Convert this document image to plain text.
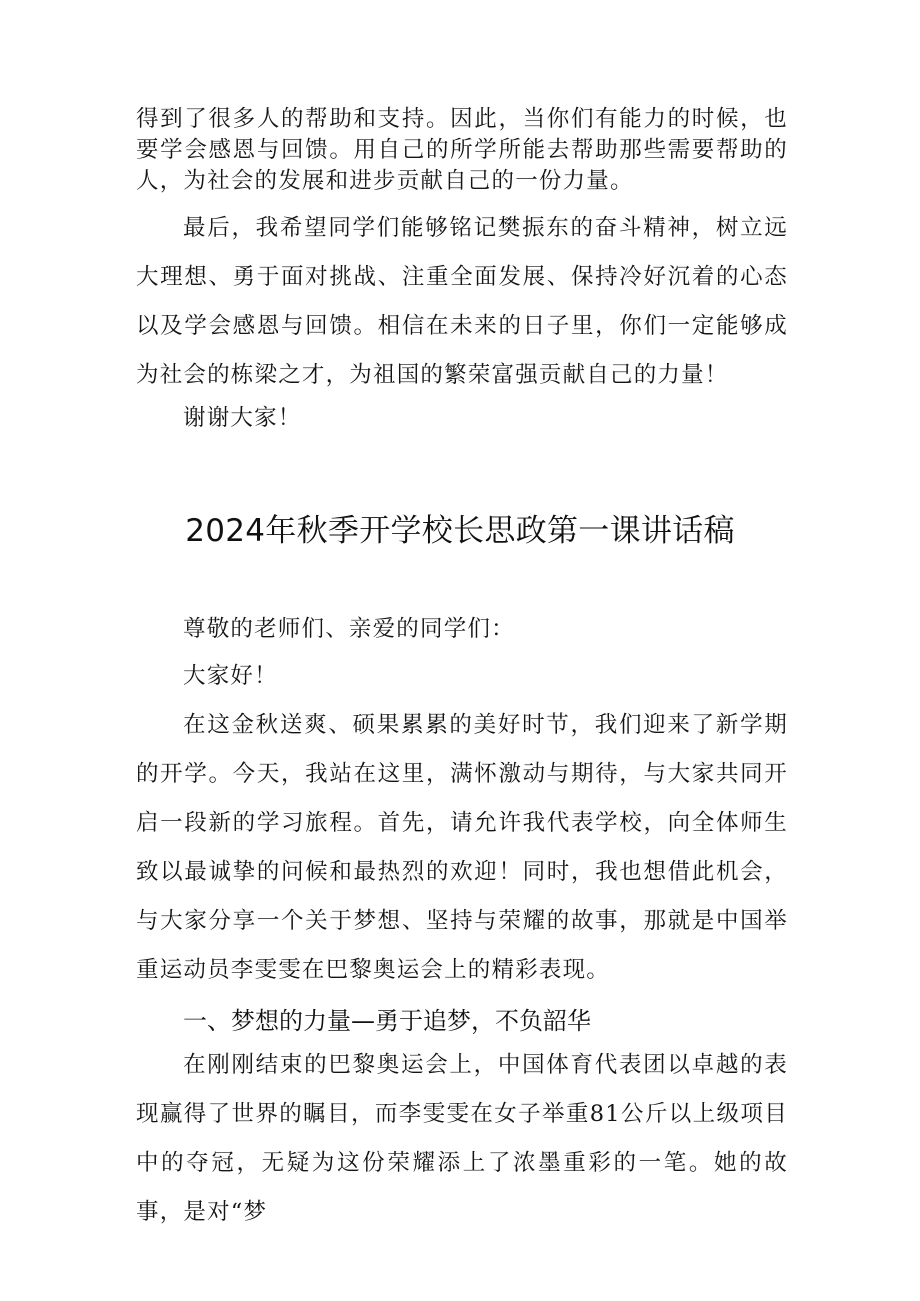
得到了很多人的帮助和支持。因此，当你们有能力的时候，也要学会感恩与回馈。用自己的所学所能去帮助那些需要帮助的人，为社会的发展和进步贡献自己的一份力量。
最后，我希望同学们能够铭记樊振东的奋斗精神，树立远大理想、勇于面对挑战、注重全面发展、保持冷好沉着的心态以及学会感恩与回馈。相信在未来的日子里，你们一定能够成为社会的栋梁之才，为祖国的繁荣富强贡献自己的力量！
谢谢大家！
2024年秋季开学校长思政第一课讲话稿
尊敬的老师们、亲爱的同学们：
大家好！
在这金秋送爽、硕果累累的美好时节，我们迎来了新学期的开学。今天，我站在这里，满怀激动与期待，与大家共同开启一段新的学习旅程。首先，请允许我代表学校，向全体师生致以最诚挚的问候和最热烈的欢迎！同时，我也想借此机会，与大家分享一个关于梦想、坚持与荣耀的故事，那就是中国举重运动员李雯雯在巴黎奥运会上的精彩表现。
一、梦想的力量—勇于追梦，不负韶华
在刚刚结束的巴黎奥运会上，中国体育代表团以卓越的表现赢得了世界的瞩目，而李雯雯在女子举重81公斤以上级项目中的夺冠，无疑为这份荣耀添上了浓墨重彩的一笔。她的故事，是对“梦
